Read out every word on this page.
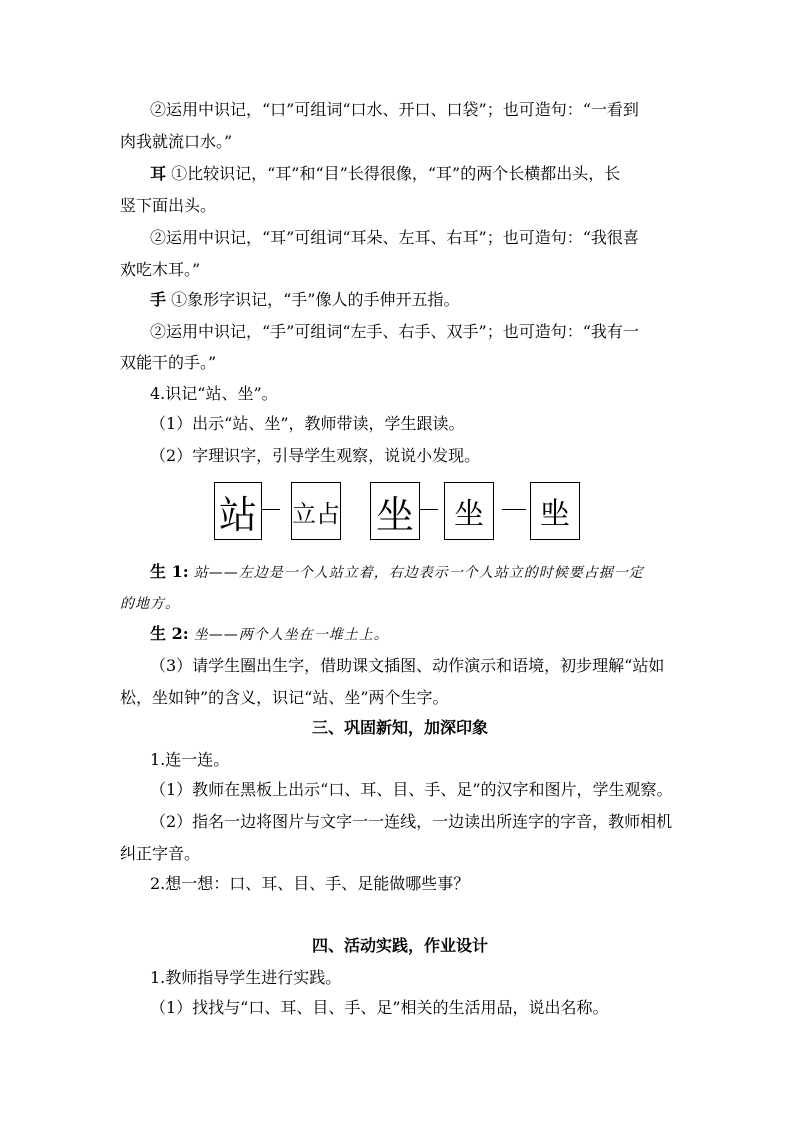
②运用中识记，“口”可组词“口水、开口、口袋”；也可造句：“一看到
肉我就流口水。”
耳 ①比较识记，“耳”和“目”长得很像，“耳”的两个长横都出头，长
竖下面出头。
②运用中识记，“耳”可组词“耳朵、左耳、右耳”；也可造句：“我很喜
欢吃木耳。”
手 ①象形字识记，“手”像人的手伸开五指。
②运用中识记，“手”可组词“左手、右手、双手”；也可造句：“我有一
双能干的手。”
4.识记“站、坐”。
（1）出示“站、坐”，教师带读，学生跟读。
（2）字理识字，引导学生观察，说说小发现。
站 立占 坐	坐	㘴
生 1: 站——左边是一个人站立着，右边表示一个人站立的时候要占据一定
的地方。
生 2: 坐——两个人坐在一堆土上。
（3）请学生圈出生字，借助课文插图、动作演示和语境，初步理解“站如
松，坐如钟”的含义，识记“站、坐”两个生字。
三、巩固新知，加深印象
1.连一连。
（1）教师在黑板上出示“口、耳、目、手、足”的汉字和图片，学生观察。
（2）指名一边将图片与文字一一连线，一边读出所连字的字音，教师相机
纠正字音。
2.想一想：口、耳、目、手、足能做哪些事？
四、活动实践，作业设计
1.教师指导学生进行实践。
（1）找找与“口、耳、目、手、足”相关的生活用品，说出名称。
